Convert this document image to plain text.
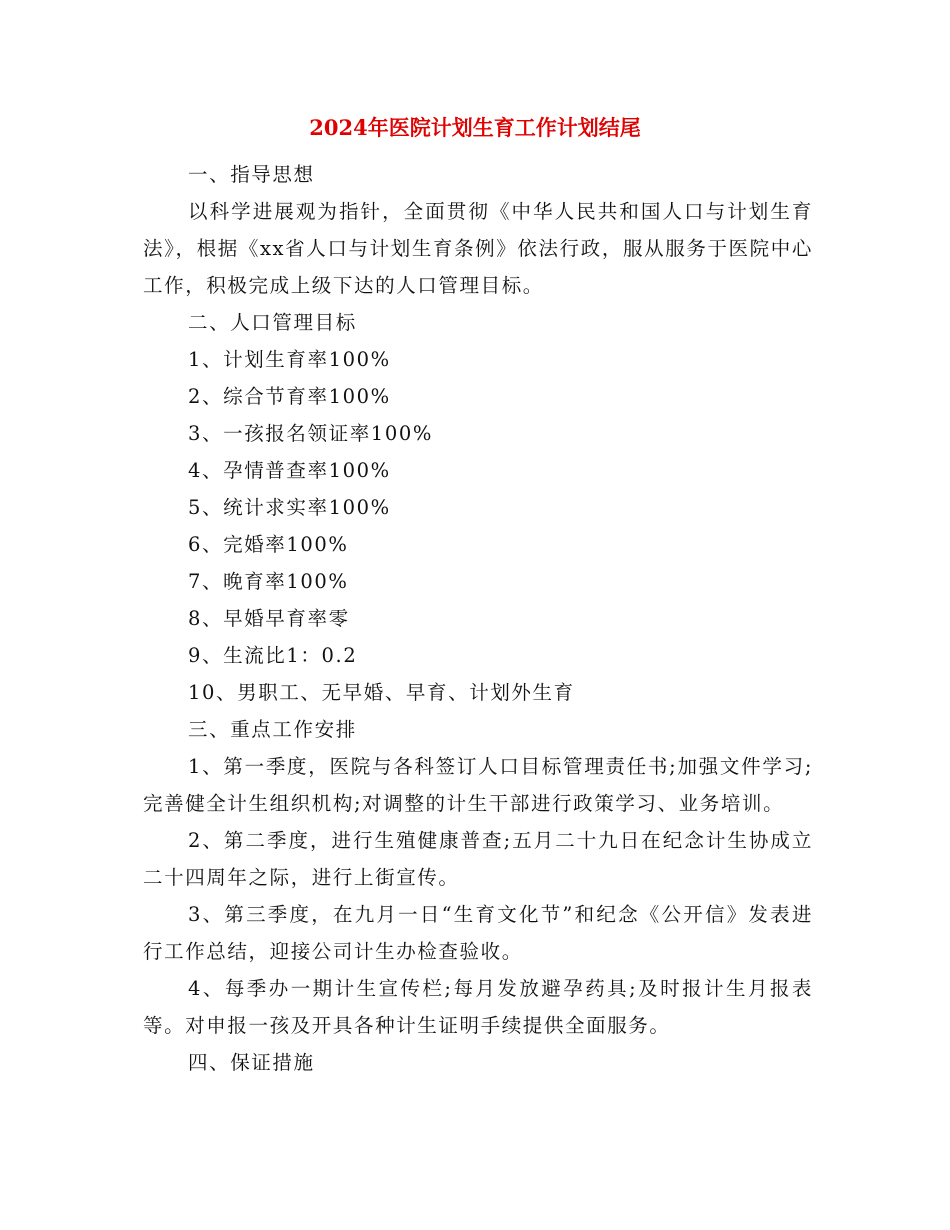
2024年医院计划生育工作计划结尾

一、指导思想

以科学进展观为指针，全面贯彻《中华人民共和国人口与计划生育法》，根据《xx省人口与计划生育条例》依法行政，服从服务于医院中心工作，积极完成上级下达的人口管理目标。

二、人口管理目标

1、计划生育率100%

2、综合节育率100%

3、一孩报名领证率100%

4、孕情普查率100%

5、统计求实率100%

6、完婚率100%

7、晚育率100%

8、早婚早育率零

9、生流比1：0.2

10、男职工、无早婚、早育、计划外生育

三、重点工作安排

1、第一季度，医院与各科签订人口目标管理责任书;加强文件学习;完善健全计生组织机构;对调整的计生干部进行政策学习、业务培训。

2、第二季度，进行生殖健康普查;五月二十九日在纪念计生协成立二十四周年之际，进行上街宣传。

3、第三季度，在九月一日“生育文化节”和纪念《公开信》发表进行工作总结，迎接公司计生办检查验收。

4、每季办一期计生宣传栏;每月发放避孕药具;及时报计生月报表等。对申报一孩及开具各种计生证明手续提供全面服务。

四、保证措施
